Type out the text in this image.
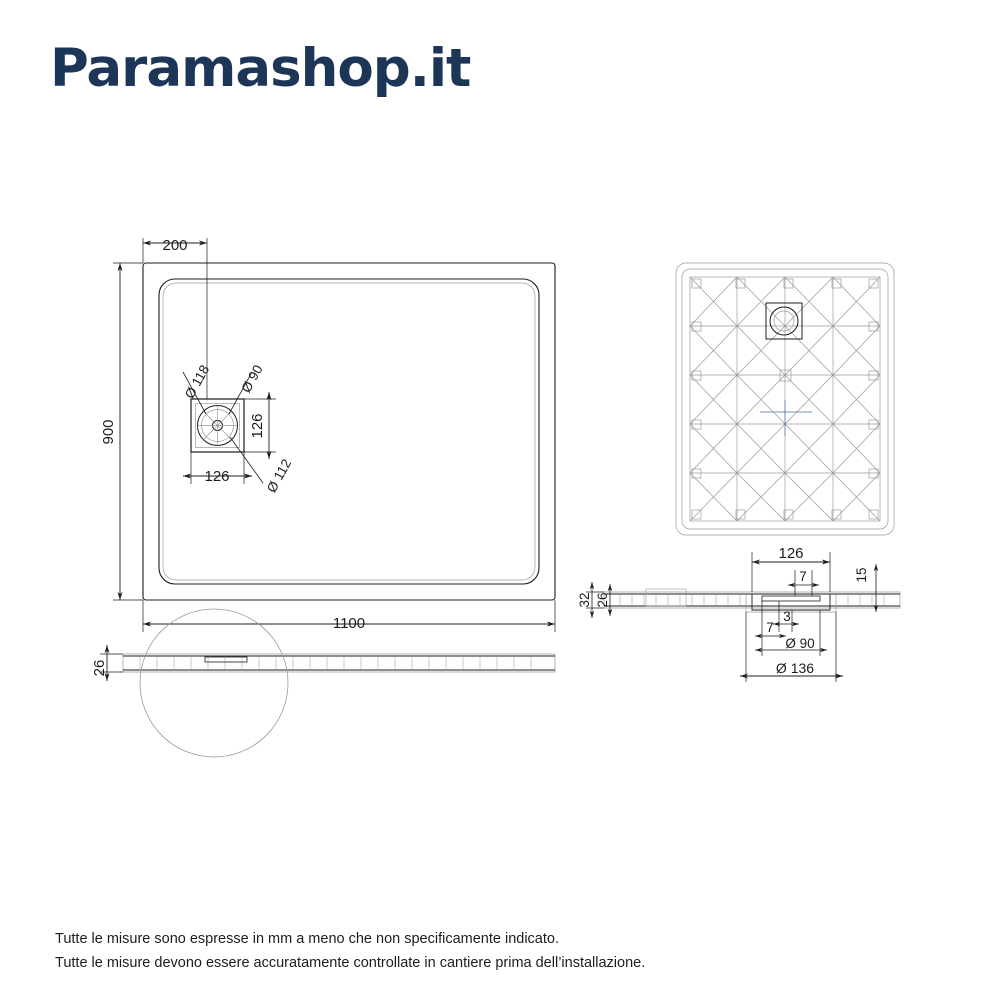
Paramashop.it
200
1100
900
126
126
Ø 118 Ø 90
Ø 112
26
126
7	15
32 26
7
3
Ø 90
Ø 136
Tutte le misure sono espresse in mm a meno che non specificamente indicato.
Tutte le misure devono essere accuratamente controllate in cantiere prima dell’installazione.
